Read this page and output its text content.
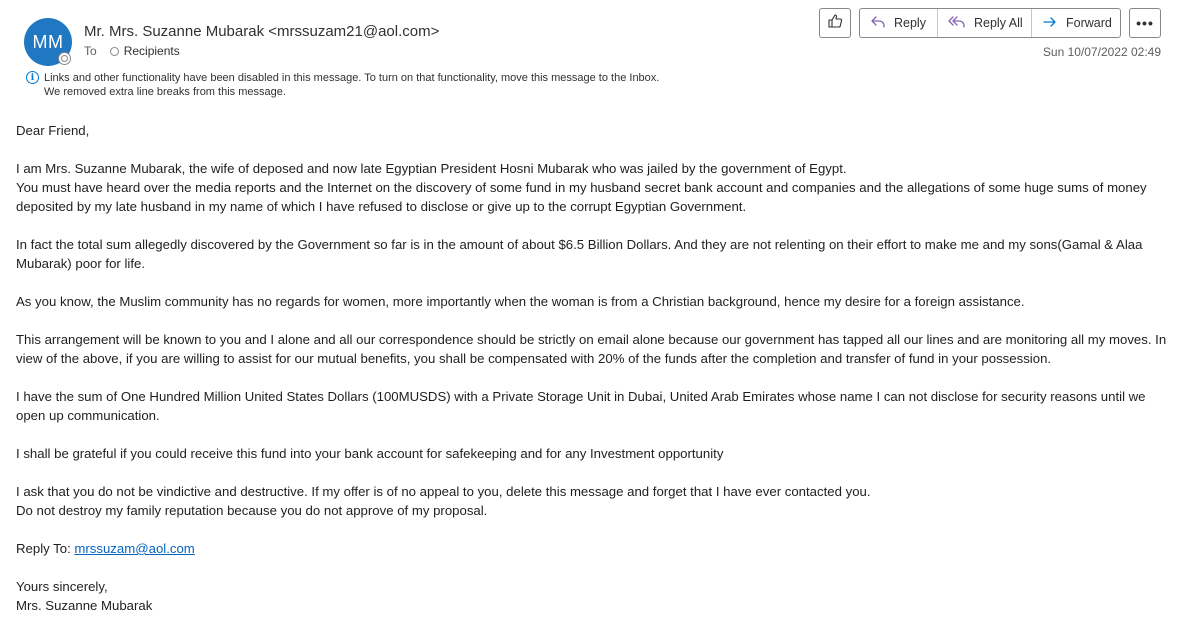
MM Mr. Mrs. Suzanne Mubarak <mrssuzam21@aol.com>
To Recipients
Reply	Reply All	Forward •••
Sun 10/07/2022 02:49
i Links and other functionality have been disabled in this message. To turn on that functionality, move this message to the Inbox.
We removed extra line breaks from this message.

Dear Friend,

I am Mrs. Suzanne Mubarak, the wife of deposed and now late Egyptian President Hosni Mubarak who was jailed by the government of Egypt.
You must have heard over the media reports and the Internet on the discovery of some fund in my husband secret bank account and companies and the allegations of some huge sums of money deposited by my late husband in my name of which I have refused to disclose or give up to the corrupt Egyptian Government.

In fact the total sum allegedly discovered by the Government so far is in the amount of about $6.5 Billion Dollars. And they are not relenting on their effort to make me and my sons(Gamal & Alaa Mubarak) poor for life.

As you know, the Muslim community has no regards for women, more importantly when the woman is from a Christian background, hence my desire for a foreign assistance.

This arrangement will be known to you and I alone and all our correspondence should be strictly on email alone because our government has tapped all our lines and are monitoring all my moves. In view of the above, if you are willing to assist for our mutual benefits, you shall be compensated with 20% of the funds after the completion and transfer of fund in your possession.

I have the sum of One Hundred Million United States Dollars (100MUSDS) with a Private Storage Unit in Dubai, United Arab Emirates whose name I can not disclose for security reasons until we open up communication.

I shall be grateful if you could receive this fund into your bank account for safekeeping and for any Investment opportunity

I ask that you do not be vindictive and destructive. If my offer is of no appeal to you, delete this message and forget that I have ever contacted you.
Do not destroy my family reputation because you do not approve of my proposal.

Reply To: mrssuzam@aol.com

Yours sincerely,
Mrs. Suzanne Mubarak
